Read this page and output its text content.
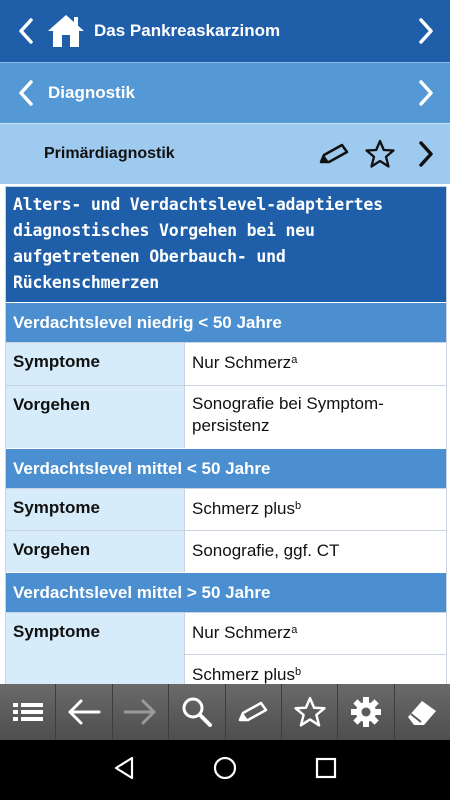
Das Pankreaskarzinom
Diagnostik
Primärdiagnostik
Alters- und Verdachtslevel-adaptiertes diagnostisches Vorgehen bei neu aufgetretenen Oberbauch- und Rückenschmerzen
Verdachtslevel niedrig < 50 Jahre
Symptome	Nur Schmerz$^a$
Vorgehen	Sonografie bei Symptompersistenz
Verdachtslevel mittel < 50 Jahre
Symptome	Schmerz plus$^b$
Vorgehen	Sonografie, ggf. CT
Verdachtslevel mittel > 50 Jahre
Symptome	Nur Schmerz$^a$
Schmerz plus$^b$
